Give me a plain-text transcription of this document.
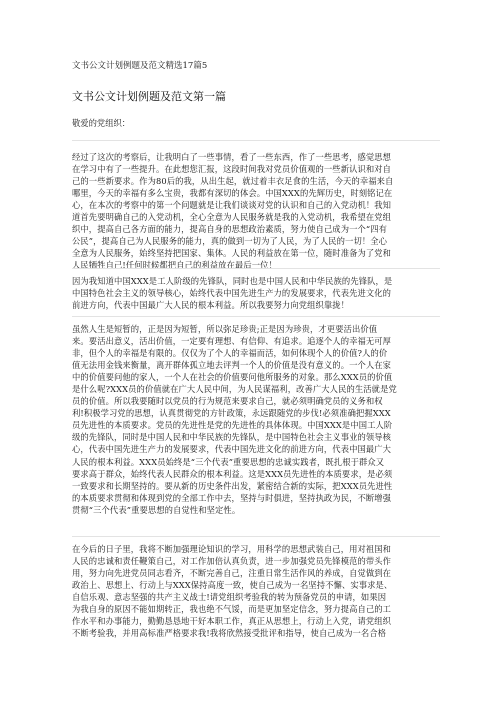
文书公文计划例题及范文精选17篇5
文书公文计划例题及范文第一篇
敬爱的党组织：
经过了这次的考察后，让我明白了一些事情，看了一些东西，作了一些思考，感觉思想
在学习中有了一些提升。在此想您汇报，这段时间我对党员价值观的一些新认识和对自
己的一些新要求。作为80后的我，从出生起，就过着丰衣足食的生活，今天的幸福来自
哪里，今天的幸福有多么宝贵，我都有深切的体会。中国XXX的先辉历史，时刻铭记在
心，在本次的考察中的第一个问题就是让我们谈谈对党的认识和自己的入党动机！我知
道首先要明确自己的入党动机，全心全意为人民服务就是我的入党动机，我希望在党组
织中，提高自己各方面的能力，提高自身的思想政治素质，努力使自己成为一个“四有
公民”，提高自己为人民服务的能力，真的做到一切为了人民，为了人民的一切！全心
全意为人民服务，始终坚持把国家、集体。人民的利益放在第一位，随时准备为了党和
人民牺牲自己!任何时候都把自己的利益放在最后一位！
因为我知道中国XXX是工人阶级的先锋队，同时也是中国人民和中华民族的先锋队，是
中国特色社会主义的领导核心，始终代表中国先进生产力的发展要求，代表先进文化的
前进方向，代表中国最广大人民的根本利益。所以我要努力向党组织靠拢！
虽然人生是短暂的，正是因为短暂，所以弥足珍贵;正是因为珍贵，才更要活出价值
来。要活出意义，活出价值，一定要有理想、有信仰、有追求。追逐个人的幸福无可厚
非，但个人的幸福是有限的。仅仅为了个人的幸福而活，如何体现个人的价值?人的价
值无法用金钱来衡量，离开群体孤立地去评判一个人的价值是没有意义的。一个人在家
中的价值要问他的家人，一个人在社会的价值要问他所服务的对象。那么XXX员的价值
是什么呢?XXX员的价值就在广大人民中间，为人民谋福利，改善广大人民的生活就是党
员的价值。所以我要随时以党员的行为规范来要求自己，就必须明确党员的义务和权
利!积极学习党的思想，认真贯彻党的方针政策，永远跟随党的步伐!必须准确把握XXX
员先进性的本质要求。党员的先进性是党的先进性的具体体现。中国XXX是中国工人阶
级的先锋队，同时是中国人民和中华民族的先锋队，是中国特色社会主义事业的领导核
心，代表中国先进生产力的发展要求，代表中国先进文化的前进方向，代表中国最广大
人民的根本利益。XXX员始终是“三个代表”重要思想的忠诚实践者，既扎根于群众又
要求高于群众，始终代表人民群众的根本利益。这是XXX员先进性的本质要求，是必须
一致要求和长期坚持的。要从新的历史条件出发，紧密结合新的实际，把XXX员先进性
的本质要求贯彻和体现到党的全部工作中去，坚持与时俱进，坚持执政为民，不断增强
贯彻“三个代表”重要思想的自觉性和坚定性。
在今后的日子里，我将不断加强理论知识的学习，用科学的思想武装自己，用对祖国和
人民的忠诚和责任鞭策自己，对工作加倍认真负责，进一步加强党员先锋模范的带头作
用，努力向先进党员同志看齐，不断完善自己，注重日常生活作风的养成，自觉做到在
政治上、思想上、行动上与XXX保持高度一致，使自己成为一名坚持不懈、实事求是、
自信乐观、意志坚强的共产主义战士!请党组织考验我的转为预备党员的申请，如果因
为我自身的原因不能如期转正，我也绝不气馁，而是更加坚定信念，努力提高自己的工
作水平和办事能力，勤勤恳恳地干好本职工作，真正从思想上，行动上入党，请党组织
不断考验我，并用高标准严格要求我!我将欣然接受批评和指导，使自己成为一名合格
